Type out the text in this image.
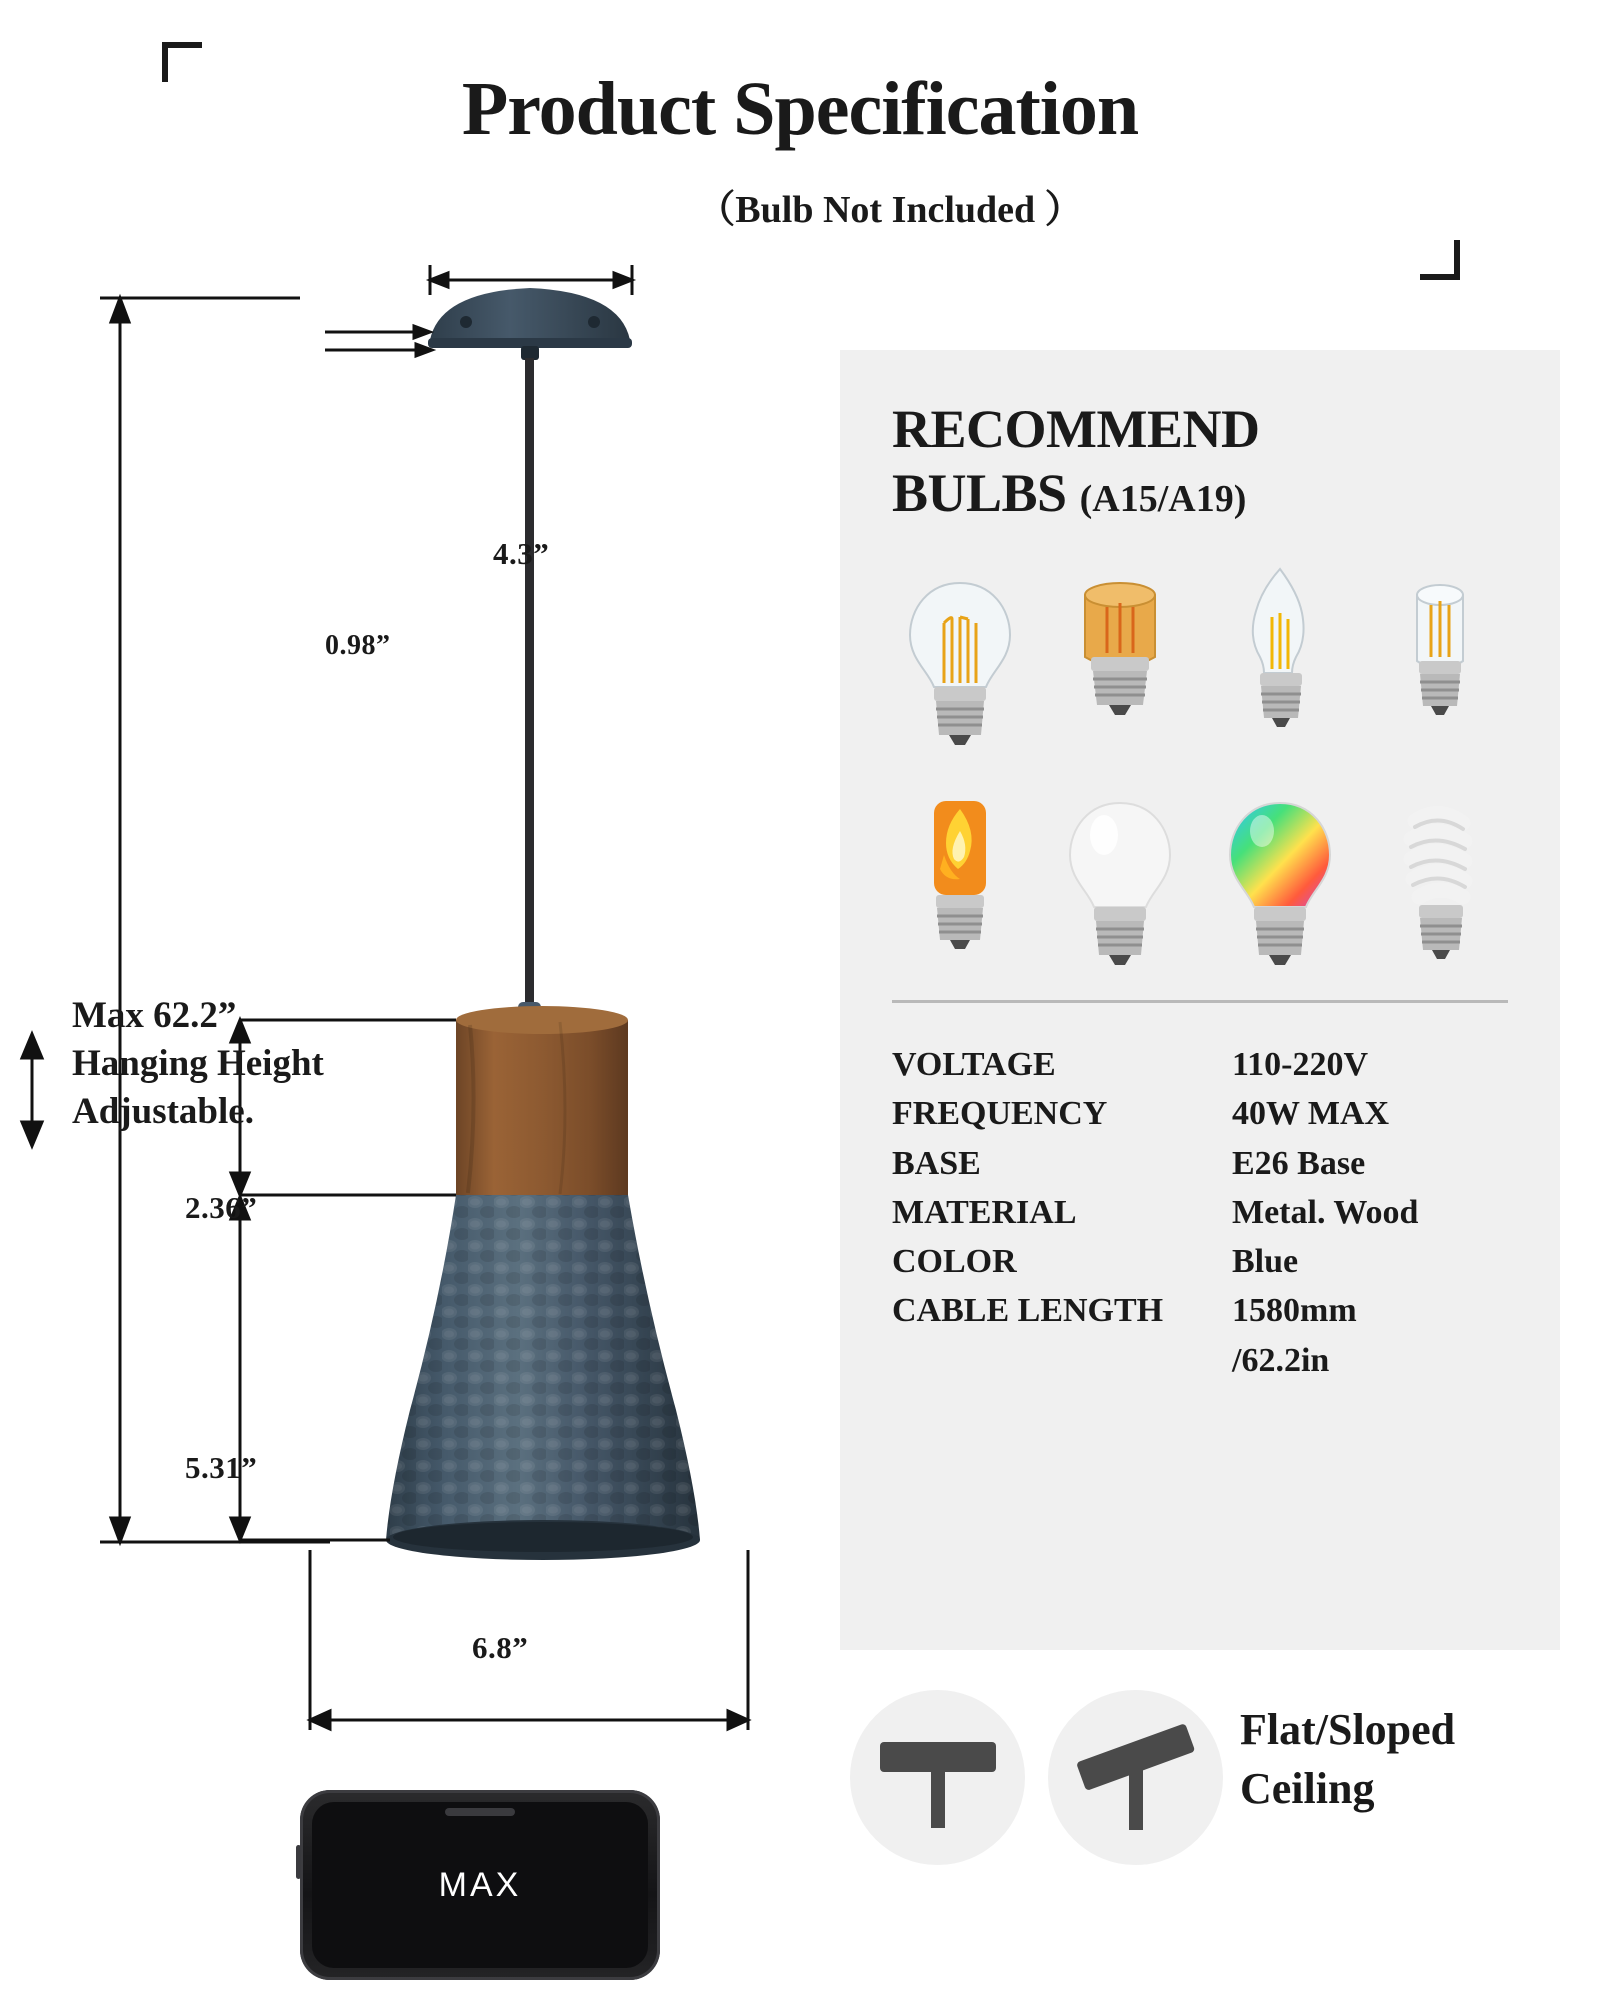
Product Specification
（Bulb Not Included ）
4.3”
0.98”
Max 62.2”
Hanging Height
Adjustable.
2.36”
5.31”
6.8”
MAX
RECOMMEND
BULBS (A15/A19)
VOLTAGE	110-220V
FREQUENCY	40W MAX
BASE	E26 Base
MATERIAL	Metal. Wood
COLOR	Blue
CABLE LENGTH	1580mm
/62.2in
Flat/Sloped
Ceiling
